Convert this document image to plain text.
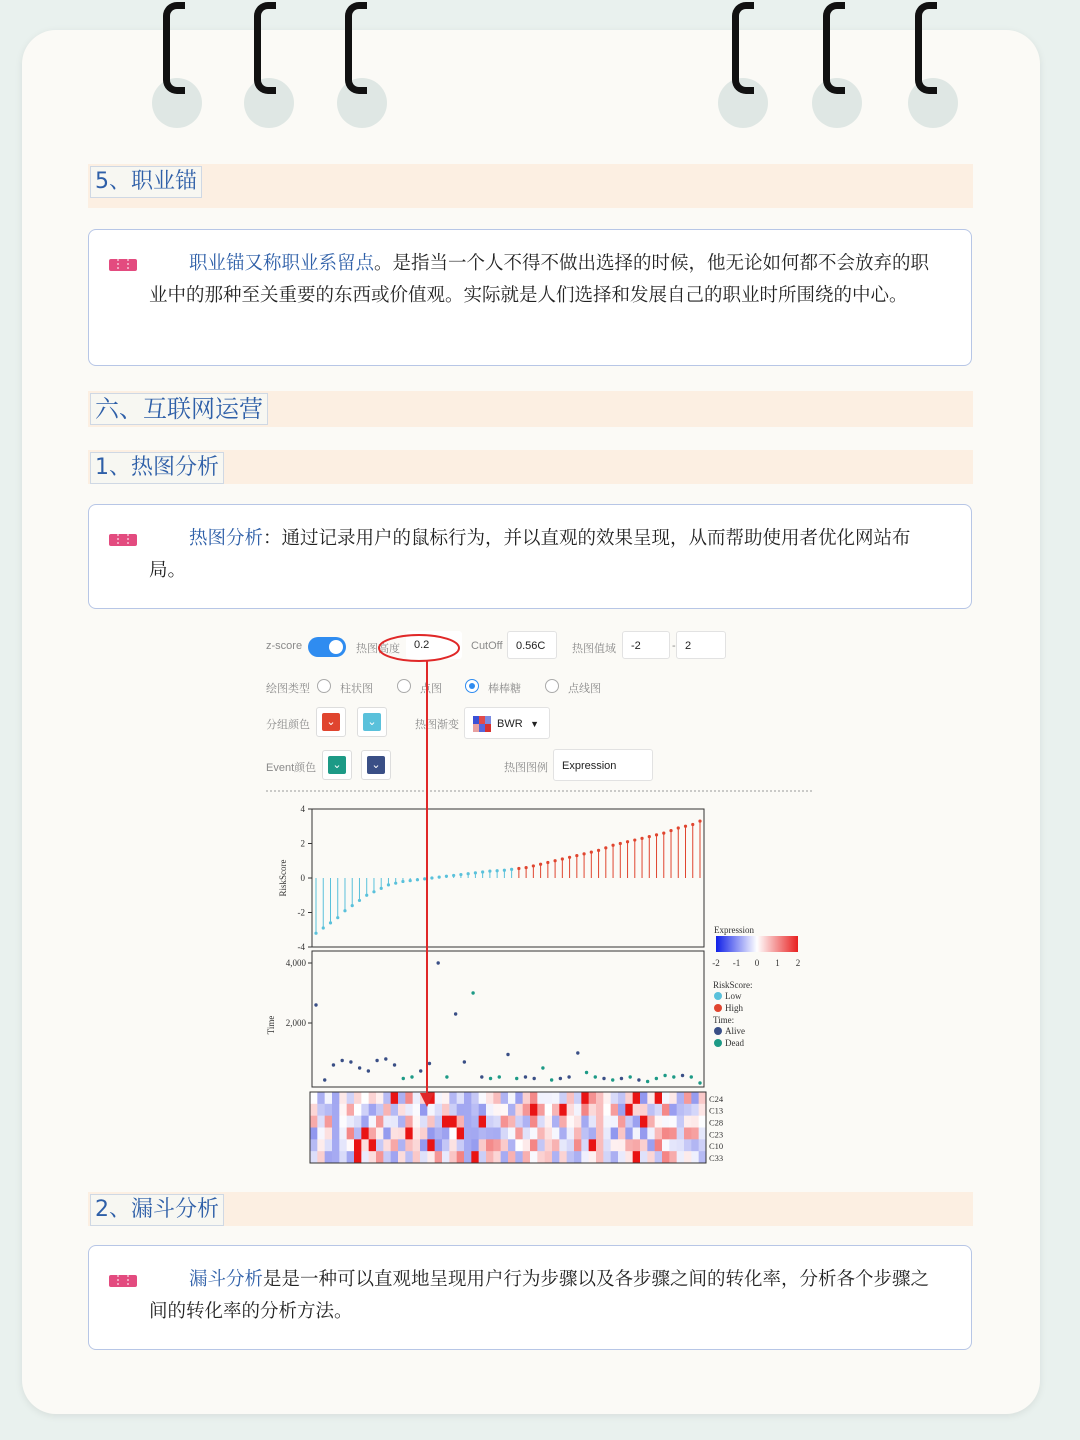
5、职业锚
职业锚又称职业系留点。是指当一个人不得不做出选择的时候，他无论如何都不会放弃的职业中的那种至关重要的东西或价值观。实际就是人们选择和发展自己的职业时所围绕的中心。
六、互联网运营
1、热图分析
热图分析：通过记录用户的鼠标行为，并以直观的效果呈现，从而帮助使用者优化网站布局。
z-score	热图高度	0.2	CutOff	0.56C	热图值域	-2	- 2
绘图类型	柱状图	点图	棒棒糖	点线图
分组颜色	⌄	⌄	热图渐变	BWR ▼
Event颜色	⌄	⌄	热图图例	Expression
4
2
0
-2
-4
RiskScore
4,000
2,000
Time
C24
C13
C28
C23
C10
C33
Expression
-2 -1 0 1 2
RiskScore:
Low
High
Time:
Alive
Dead
2、漏斗分析
漏斗分析是是一种可以直观地呈现用户行为步骤以及各步骤之间的转化率，分析各个步骤之间的转化率的分析方法。
